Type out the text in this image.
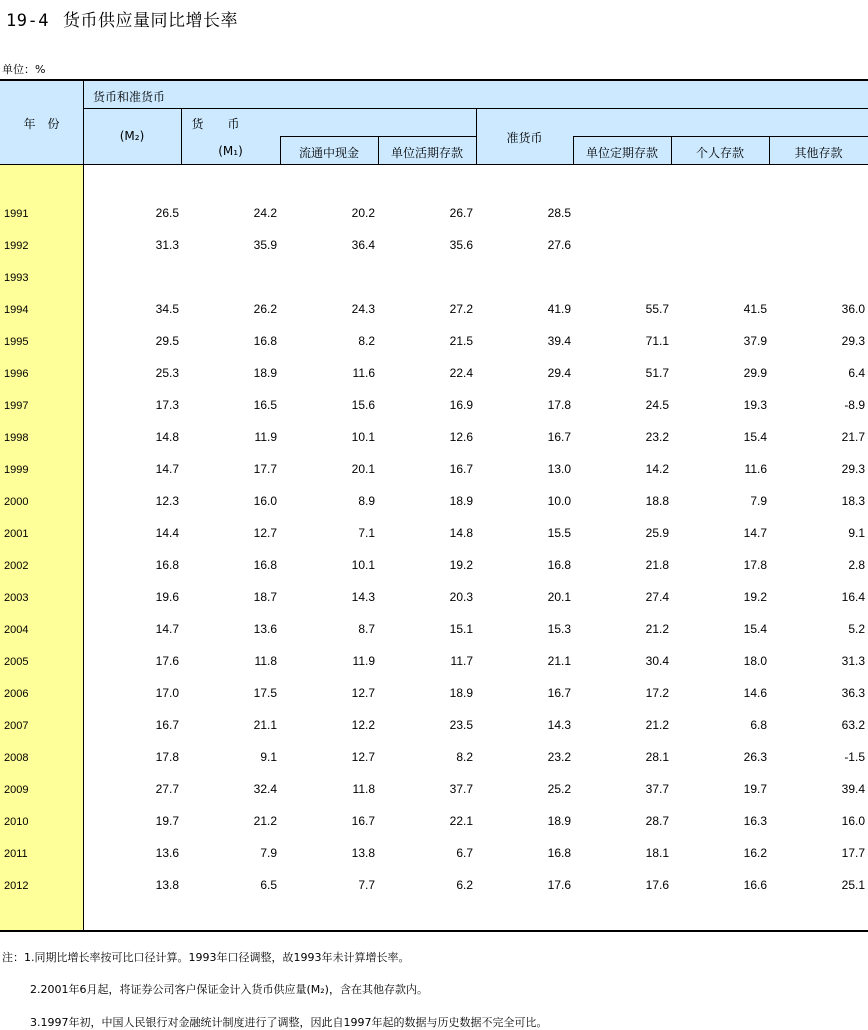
19-4 货币供应量同比增长率
单位：%
年　份
货币和准货币
(M₂)
货　　币
(M₁)	流通中现金	单位活期存款
准货币
单位定期存款	个人存款	其他存款
1991	26.5	24.2	20.2	26.7	28.5
1992	31.3	35.9	36.4	35.6	27.6
1993
1994	34.5	26.2	24.3	27.2	41.9	55.7	41.5	36.0
1995	29.5	16.8	8.2	21.5	39.4	71.1	37.9	29.3
1996	25.3	18.9	11.6	22.4	29.4	51.7	29.9	6.4
1997	17.3	16.5	15.6	16.9	17.8	24.5	19.3	-8.9
1998	14.8	11.9	10.1	12.6	16.7	23.2	15.4	21.7
1999	14.7	17.7	20.1	16.7	13.0	14.2	11.6	29.3
2000	12.3	16.0	8.9	18.9	10.0	18.8	7.9	18.3
2001	14.4	12.7	7.1	14.8	15.5	25.9	14.7	9.1
2002	16.8	16.8	10.1	19.2	16.8	21.8	17.8	2.8
2003	19.6	18.7	14.3	20.3	20.1	27.4	19.2	16.4
2004	14.7	13.6	8.7	15.1	15.3	21.2	15.4	5.2
2005	17.6	11.8	11.9	11.7	21.1	30.4	18.0	31.3
2006	17.0	17.5	12.7	18.9	16.7	17.2	14.6	36.3
2007	16.7	21.1	12.2	23.5	14.3	21.2	6.8	63.2
2008	17.8	9.1	12.7	8.2	23.2	28.1	26.3	-1.5
2009	27.7	32.4	11.8	37.7	25.2	37.7	19.7	39.4
2010	19.7	21.2	16.7	22.1	18.9	28.7	16.3	16.0
2011	13.6	7.9	13.8	6.7	16.8	18.1	16.2	17.7
2012	13.8	6.5	7.7	6.2	17.6	17.6	16.6	25.1
注：1.同期比增长率按可比口径计算。1993年口径调整，故1993年未计算增长率。
2.2001年6月起，将证券公司客户保证金计入货币供应量(M₂)，含在其他存款内。
3.1997年初，中国人民银行对金融统计制度进行了调整，因此自1997年起的数据与历史数据不完全可比。
